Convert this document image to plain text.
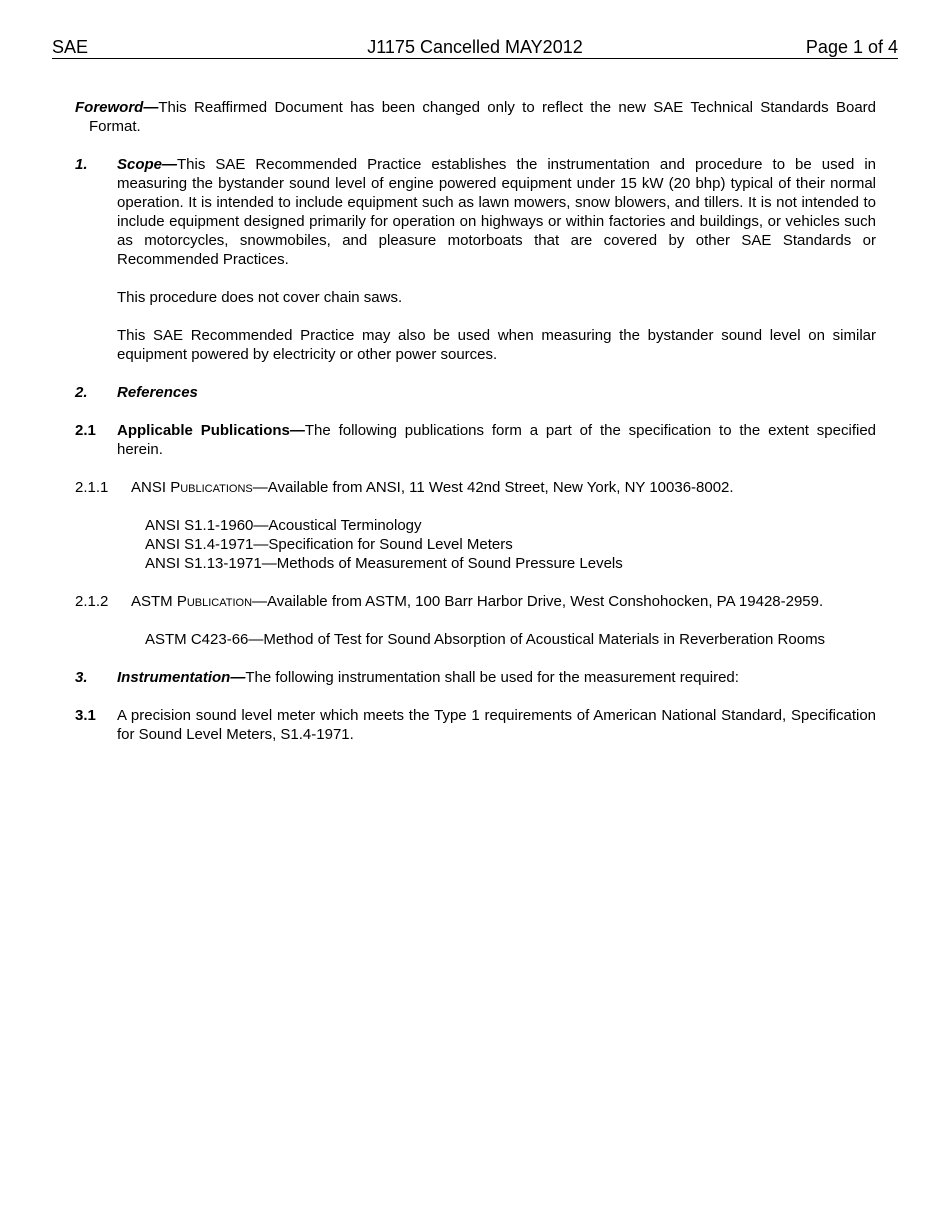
SAE	J1175 Cancelled MAY2012	Page 1 of 4

Foreword—This Reaffirmed Document has been changed only to reflect the new SAE Technical Standards Board Format.

1. Scope—This SAE Recommended Practice establishes the instrumentation and procedure to be used in measuring the bystander sound level of engine powered equipment under 15 kW (20 bhp) typical of their normal operation. It is intended to include equipment such as lawn mowers, snow blowers, and tillers. It is not intended to include equipment designed primarily for operation on highways or within factories and buildings, or vehicles such as motorcycles, snowmobiles, and pleasure motorboats that are covered by other SAE Standards or Recommended Practices.

This procedure does not cover chain saws.

This SAE Recommended Practice may also be used when measuring the bystander sound level on similar equipment powered by electricity or other power sources.

2. References

2.1 Applicable Publications—The following publications form a part of the specification to the extent specified herein.

2.1.1 ANSI Publications—Available from ANSI, 11 West 42nd Street, New York, NY 10036-8002.

ANSI S1.1-1960—Acoustical Terminology

ANSI S1.4-1971—Specification for Sound Level Meters

ANSI S1.13-1971—Methods of Measurement of Sound Pressure Levels

2.1.2 ASTM Publication—Available from ASTM, 100 Barr Harbor Drive, West Conshohocken, PA 19428-2959.

ASTM C423-66—Method of Test for Sound Absorption of Acoustical Materials in Reverberation Rooms

3. Instrumentation—The following instrumentation shall be used for the measurement required:

3.1 A precision sound level meter which meets the Type 1 requirements of American National Standard, Specification for Sound Level Meters, S1.4-1971.
